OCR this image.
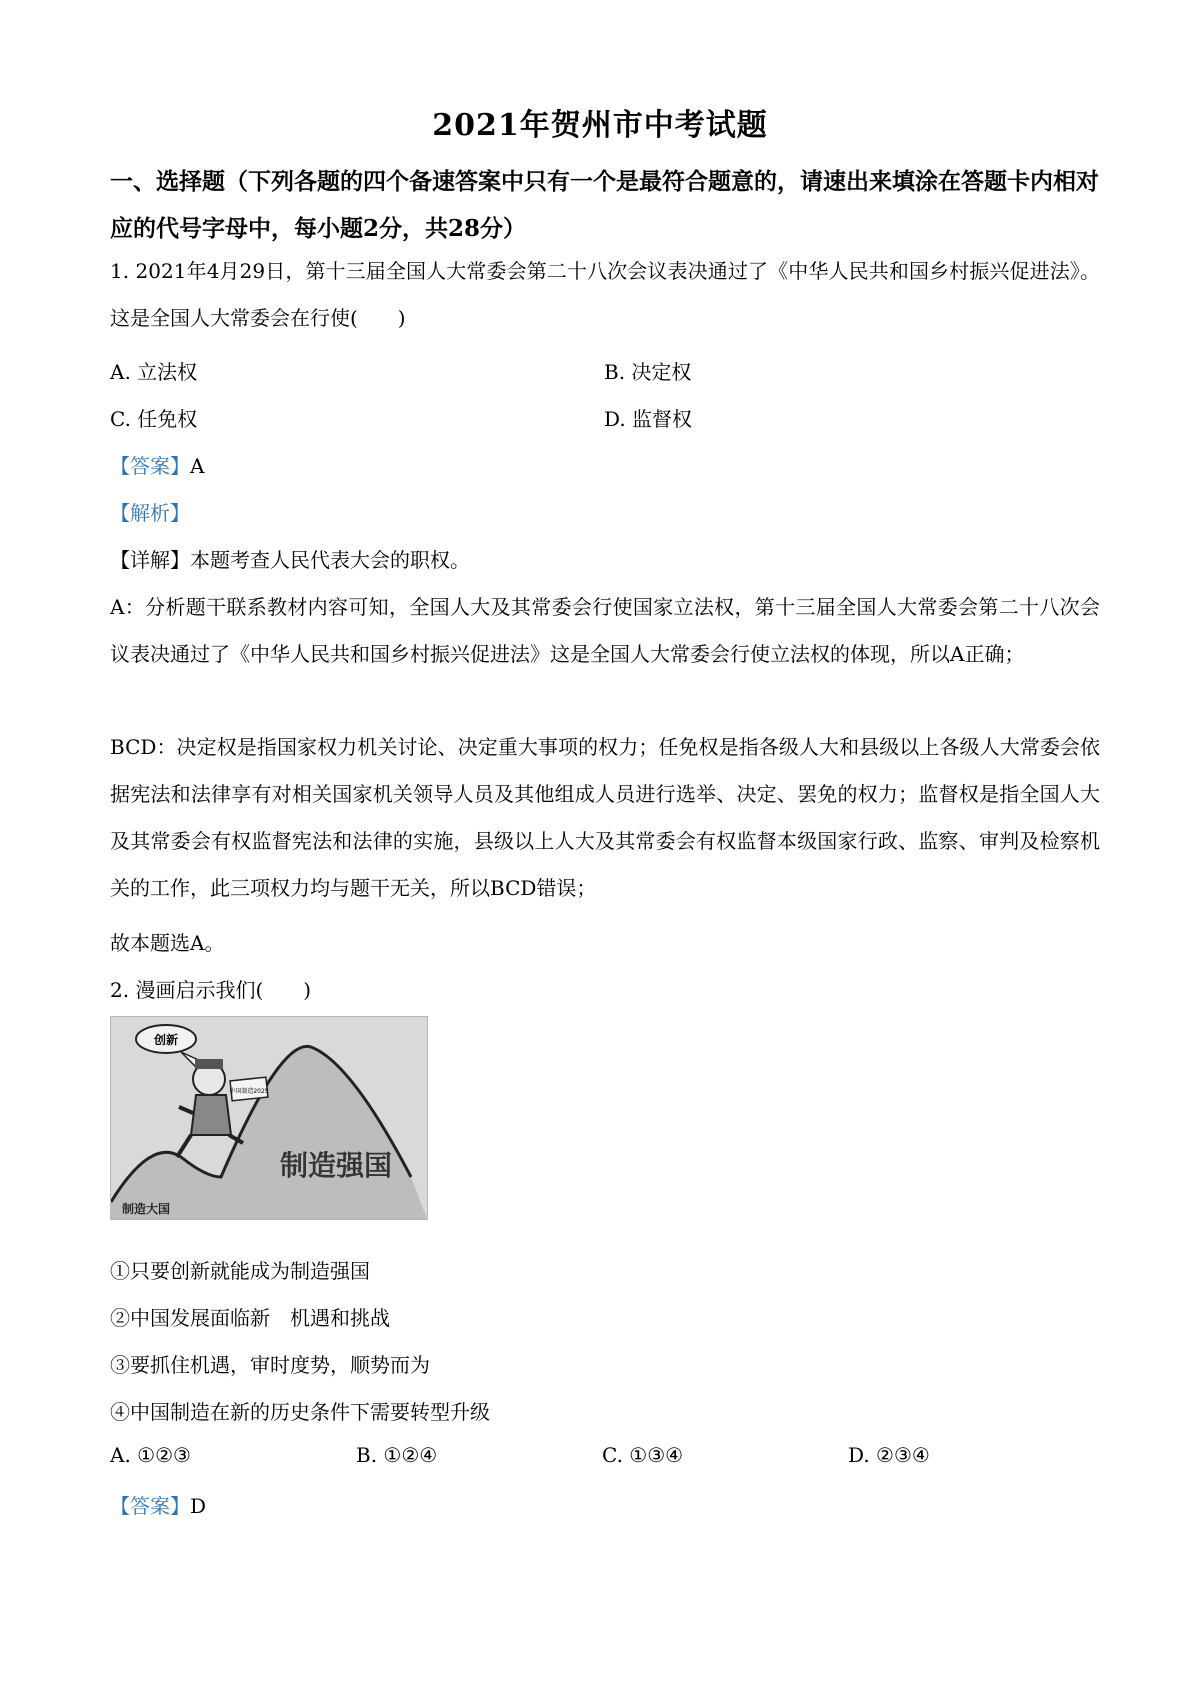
2021年贺州市中考试题

一、选择题（下列各题的四个备速答案中只有一个是最符合题意的，请速出来填涂在答题卡内相对应的代号字母中，每小题2分，共28分）

1. 2021年4月29日，第十三届全国人大常委会第二十八次会议表决通过了《中华人民共和国乡村振兴促进法》。这是全国人大常委会在行使(　　)

A. 立法权	B. 决定权
C. 任免权	D. 监督权

【答案】A

【解析】

【详解】本题考查人民代表大会的职权。

A：分析题干联系教材内容可知，全国人大及其常委会行使国家立法权，第十三届全国人大常委会第二十八次会议表决通过了《中华人民共和国乡村振兴促进法》这是全国人大常委会行使立法权的体现，所以A正确；

BCD：决定权是指国家权力机关讨论、决定重大事项的权力；任免权是指各级人大和县级以上各级人大常委会依据宪法和法律享有对相关国家机关领导人员及其他组成人员进行选举、决定、罢免的权力；监督权是指全国人大及其常委会有权监督宪法和法律的实施，县级以上人大及其常委会有权监督本级国家行政、监察、审判及检察机关的工作，此三项权力均与题干无关，所以BCD错误；

故本题选A。

2. 漫画启示我们(　　)

创新
中国制造2025
制造强国
制造大国

①只要创新就能成为制造强国

②中国发展面临新　机遇和挑战

③要抓住机遇，审时度势，顺势而为

④中国制造在新的历史条件下需要转型升级

A. ①②③	B. ①②④	C. ①③④	D. ②③④

【答案】D
